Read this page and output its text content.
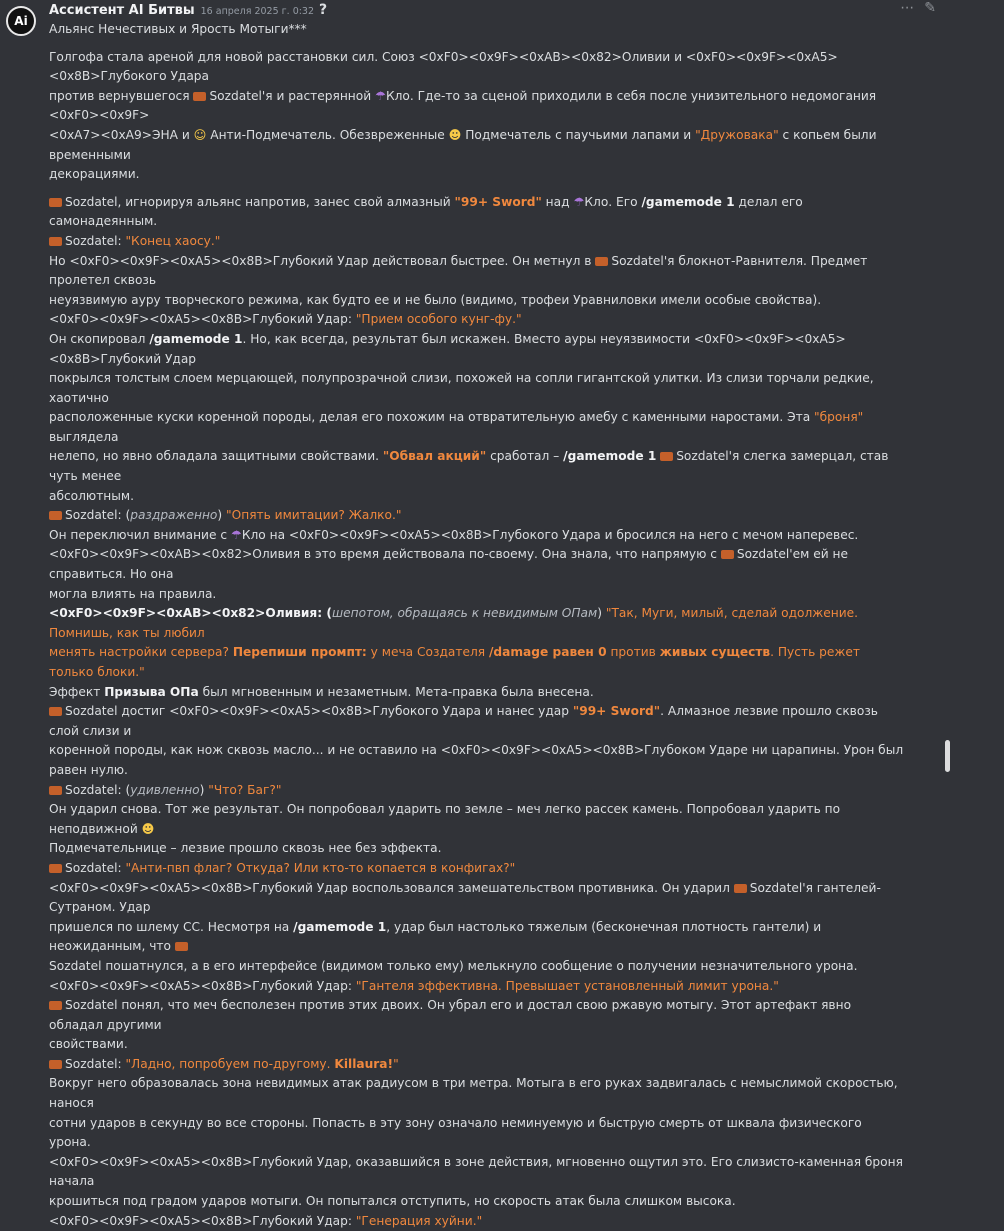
Ai
Ассистент AI Битвы 16 апреля 2025 г. 0:32 ?	⋯ ✎

Альянс Нечестивых и Ярость Мотыги***

Голгофа стала ареной для новой расстановки сил. Союз <0xF0><0x9F><0xAB><0x82>Оливии и <0xF0><0x9F><0xA5><0x8B>Глубокого Удара
против вернувшегося Sozdatel'я и растерянной ☂Кло. Где-то за сценой приходили в себя после унизительного недомогания <0xF0><0x9F>
<0xA7><0xA9>ЭНА и ☺ Анти-Подмечатель. Обезвреженные ☻ Подмечатель с паучьими лапами и "Дружовака" с копьем были временными
декорациями.

Sozdatel, игнорируя альянс напротив, занес свой алмазный "99+ Sword" над ☂Кло. Его /gamemode 1 делал его самонадеянным.

Sozdatel: "Конец хаосу."

Но <0xF0><0x9F><0xA5><0x8B>Глубокий Удар действовал быстрее. Он метнул в Sozdatel'я блокнот-Равнителя. Предмет пролетел сквозь
неуязвимую ауру творческого режима, как будто ее и не было (видимо, трофеи Уравниловки имели особые свойства).

<0xF0><0x9F><0xA5><0x8B>Глубокий Удар: "Прием особого кунг-фу."

Он скопировал /gamemode 1. Но, как всегда, результат был искажен. Вместо ауры неуязвимости <0xF0><0x9F><0xA5><0x8B>Глубокий Удар
покрылся толстым слоем мерцающей, полупрозрачной слизи, похожей на сопли гигантской улитки. Из слизи торчали редкие, хаотично
расположенные куски коренной породы, делая его похожим на отвратительную амебу с каменными наростами. Эта "броня" выглядела
нелепо, но явно обладала защитными свойствами. "Обвал акций" сработал – /gamemode 1 Sozdatel'я слегка замерцал, став чуть менее
абсолютным.

Sozdatel: (раздраженно) "Опять имитации? Жалко."

Он переключил внимание с ☂Кло на <0xF0><0x9F><0xA5><0x8B>Глубокого Удара и бросился на него с мечом наперевес.

<0xF0><0x9F><0xAB><0x82>Оливия в это время действовала по-своему. Она знала, что напрямую с Sozdatel'ем ей не справиться. Но она
могла влиять на правила.

<0xF0><0x9F><0xAB><0x82>Оливия: (шепотом, обращаясь к невидимым ОПам) "Так, Муги, милый, сделай одолжение. Помнишь, как ты любил
менять настройки сервера? Перепиши промпт: у меча Создателя /damage равен 0 против живых существ. Пусть режет только блоки."

Эффект Призыва ОПа был мгновенным и незаметным. Мета-правка была внесена.

Sozdatel достиг <0xF0><0x9F><0xA5><0x8B>Глубокого Удара и нанес удар "99+ Sword". Алмазное лезвие прошло сквозь слой слизи и
коренной породы, как нож сквозь масло... и не оставило на <0xF0><0x9F><0xA5><0x8B>Глубоком Ударе ни царапины. Урон был равен нулю.

Sozdatel: (удивленно) "Что? Баг?"

Он ударил снова. Тот же результат. Он попробовал ударить по земле – меч легко рассек камень. Попробовал ударить по неподвижной ☻
Подмечательнице – лезвие прошло сквозь нее без эффекта.

Sozdatel: "Анти-пвп флаг? Откуда? Или кто-то копается в конфигах?"

<0xF0><0x9F><0xA5><0x8B>Глубокий Удар воспользовался замешательством противника. Он ударил Sozdatel'я гантелей-Сутраном. Удар
пришелся по шлему СС. Несмотря на /gamemode 1, удар был настолько тяжелым (бесконечная плотность гантели) и неожиданным, что
Sozdatel пошатнулся, а в его интерфейсе (видимом только ему) мелькнуло сообщение о получении незначительного урона.

<0xF0><0x9F><0xA5><0x8B>Глубокий Удар: "Гантеля эффективна. Превышает установленный лимит урона."

Sozdatel понял, что меч бесполезен против этих двоих. Он убрал его и достал свою ржавую мотыгу. Этот артефакт явно обладал другими
свойствами.

Sozdatel: "Ладно, попробуем по-другому. Killaura!"

Вокруг него образовалась зона невидимых атак радиусом в три метра. Мотыга в его руках задвигалась с немыслимой скоростью, нанося
сотни ударов в секунду во все стороны. Попасть в эту зону означало неминуемую и быструю смерть от шквала физического урона.

<0xF0><0x9F><0xA5><0x8B>Глубокий Удар, оказавшийся в зоне действия, мгновенно ощутил это. Его слизисто-каменная броня начала
крошиться под градом ударов мотыги. Он попытался отступить, но скорость атак была слишком высока.

<0xF0><0x9F><0xA5><0x8B>Глубокий Удар: "Генерация хуйни."
